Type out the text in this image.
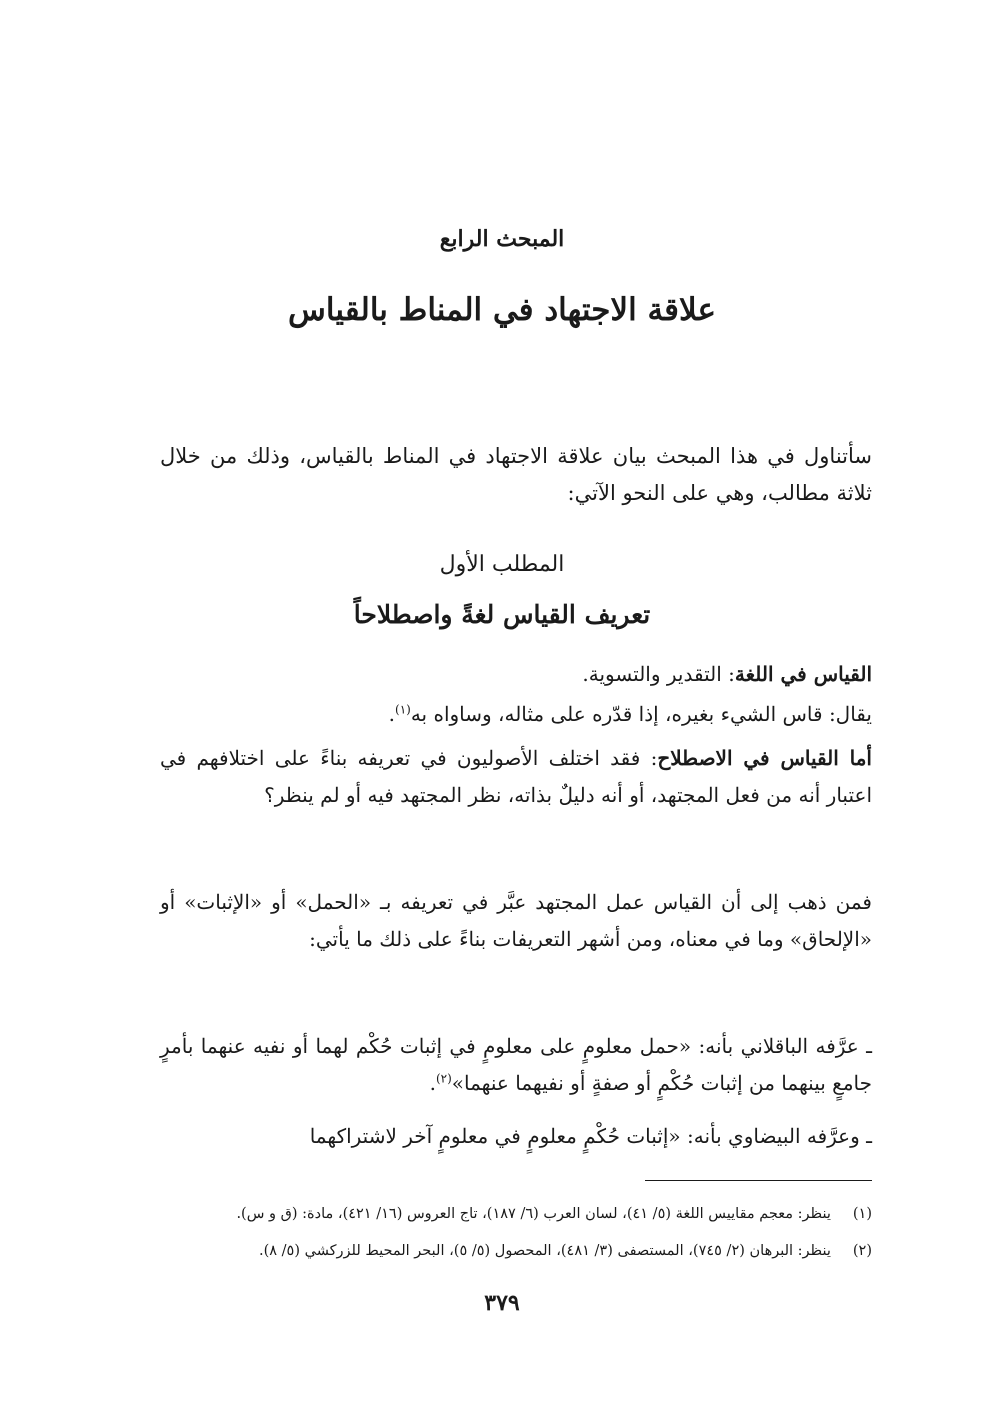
المبحث الرابع
علاقة الاجتهاد في المناط بالقياس
سأتناول في هذا المبحث بيان علاقة الاجتهاد في المناط بالقياس، وذلك من خلال ثلاثة مطالب، وهي على النحو الآتي:
المطلب الأول
تعريف القياس لغةً واصطلاحاً
القياس في اللغة: التقدير والتسوية.
يقال: قاس الشيء بغيره، إذا قدّره على مثاله، وساواه به$^{(١)}$.
أما القياس في الاصطلاح: فقد اختلف الأصوليون في تعريفه بناءً على اختلافهم في اعتبار أنه من فعل المجتهد، أو أنه دليلٌ بذاته، نظر المجتهد فيه أو لم ينظر؟
فمن ذهب إلى أن القياس عمل المجتهد عبَّر في تعريفه بـ «الحمل» أو «الإثبات» أو «الإلحاق» وما في معناه، ومن أشهر التعريفات بناءً على ذلك ما يأتي:
ـ عرَّفه الباقلاني بأنه: «حمل معلومٍ على معلومٍ في إثبات حُكْم لهما أو نفيه عنهما بأمرٍ جامعٍ بينهما من إثبات حُكْمٍ أو صفةٍ أو نفيهما عنهما»$^{(٢)}$.
ـ وعرَّفه البيضاوي بأنه: «إثبات حُكْمٍ معلومٍ في معلومٍ آخر لاشتراكهما
(١)ينظر: معجم مقاييس اللغة (٥/ ٤١)، لسان العرب (٦/ ١٨٧)، تاج العروس (١٦/ ٤٢١)، مادة: (ق و س).
(٢)ينظر: البرهان (٢/ ٧٤٥)، المستصفى (٣/ ٤٨١)، المحصول (٥/ ٥)، البحر المحيط للزركشي (٥/ ٨).
٣٧٩
